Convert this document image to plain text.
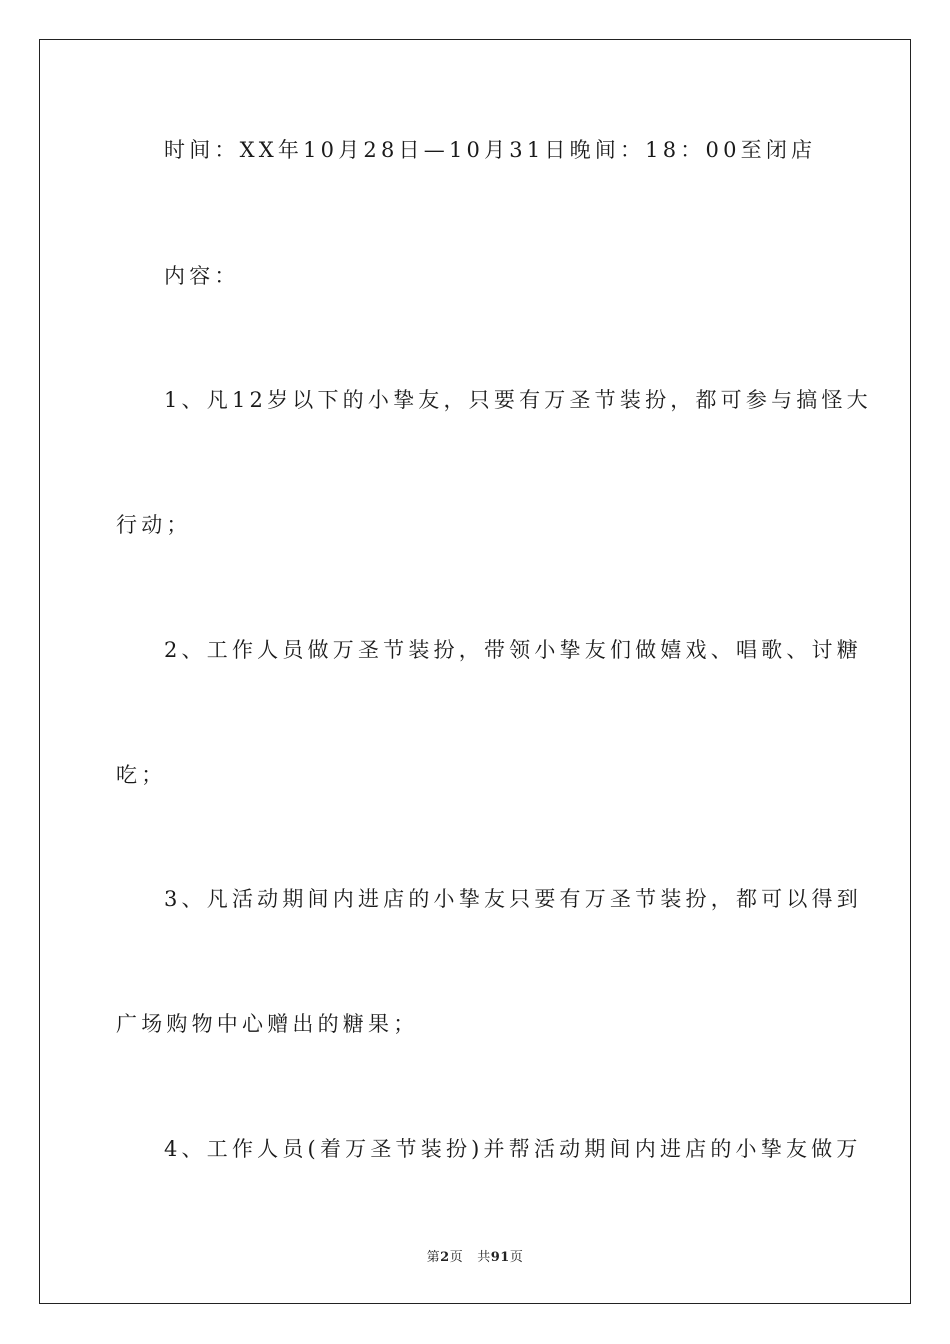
时间：XX年10月28日—10月31日晚间：18：00至闭店
内容：
1、凡12岁以下的小挚友，只要有万圣节装扮，都可参与搞怪大
行动；
2、工作人员做万圣节装扮，带领小挚友们做嬉戏、唱歌、讨糖
吃；
3、凡活动期间内进店的小挚友只要有万圣节装扮，都可以得到
广场购物中心赠出的糖果；
4、工作人员(着万圣节装扮)并帮活动期间内进店的小挚友做万
第2页 共91页
